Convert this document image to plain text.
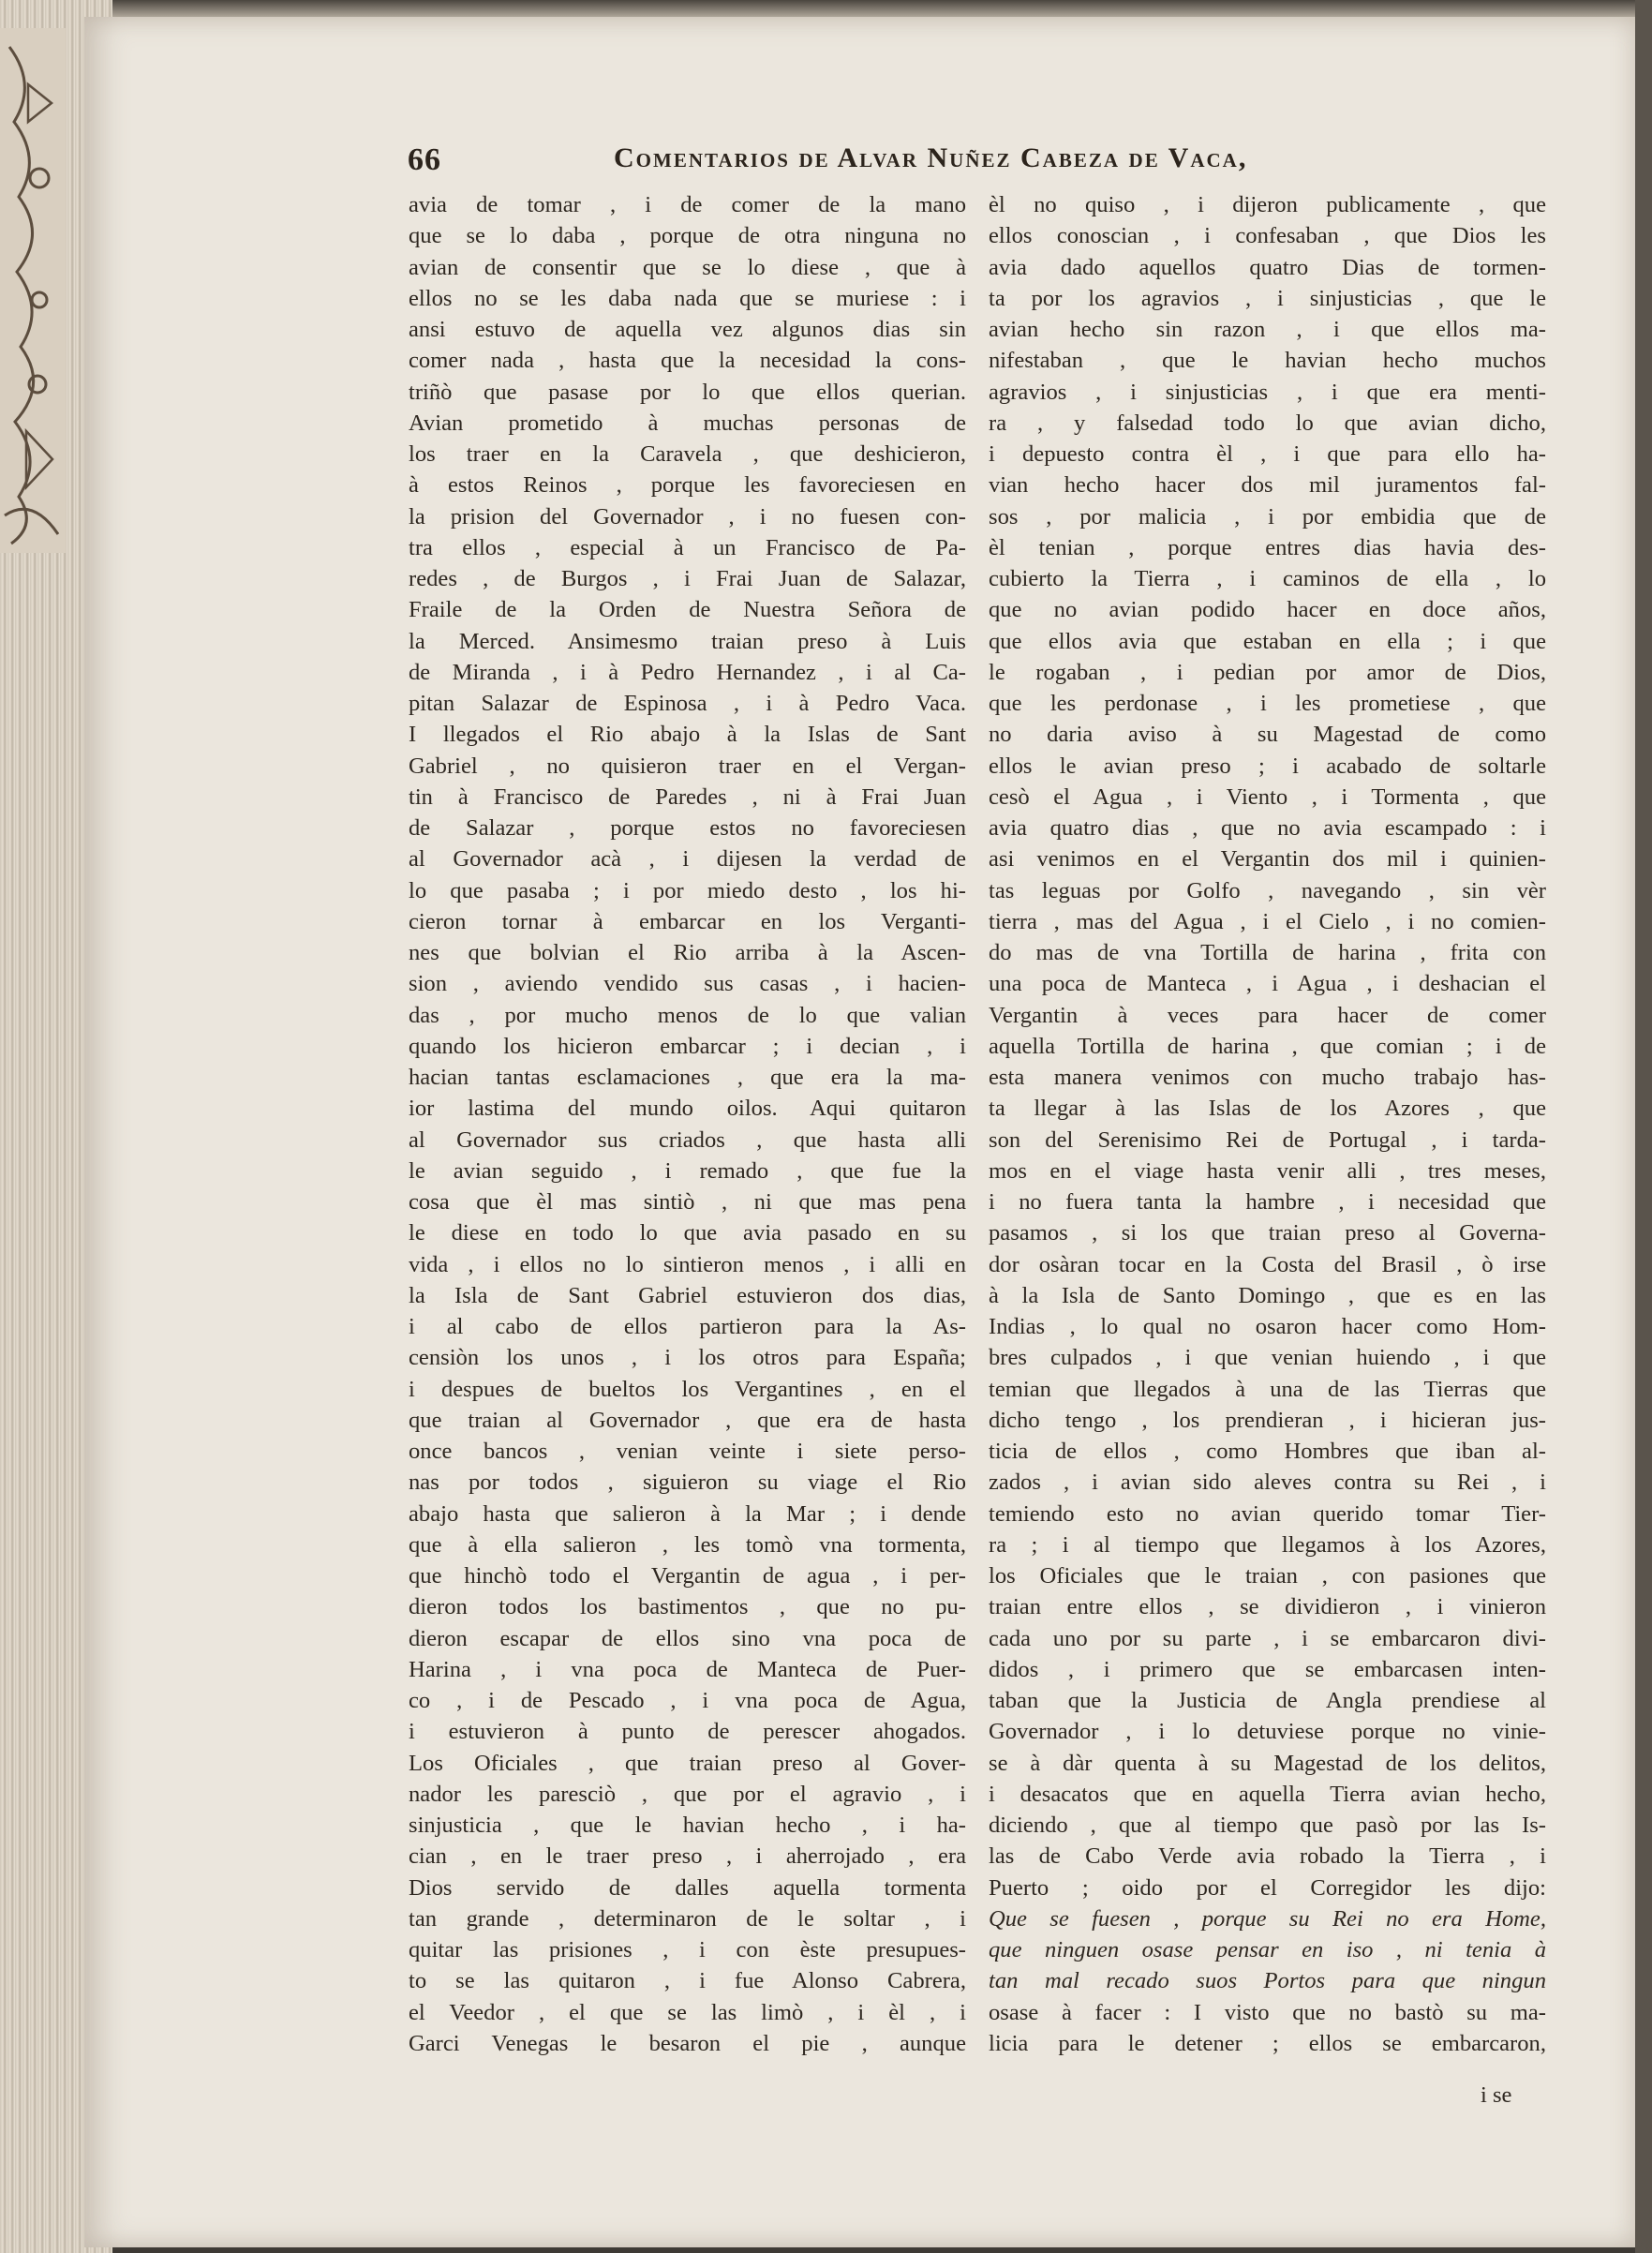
66	Comentarios de Alvar Nuñez Cabeza de Vaca,
avia de tomar , i de comer de la mano
que se lo daba , porque de otra ninguna no
avian de consentir que se lo diese , que à
ellos no se les daba nada que se muriese : i
ansi estuvo de aquella vez algunos dias sin
comer nada , hasta que la necesidad la cons-
triñò que pasase por lo que ellos querian.
Avian prometido à muchas personas de
los traer en la Caravela , que deshicieron,
à estos Reinos , porque les favoreciesen en
la prision del Governador , i no fuesen con-
tra ellos , especial à un Francisco de Pa-
redes , de Burgos , i Frai Juan de Salazar,
Fraile de la Orden de Nuestra Señora de
la Merced. Ansimesmo traian preso à Luis
de Miranda , i à Pedro Hernandez , i al Ca-
pitan Salazar de Espinosa , i à Pedro Vaca.
I llegados el Rio abajo à la Islas de Sant
Gabriel , no quisieron traer en el Vergan-
tin à Francisco de Paredes , ni à Frai Juan
de Salazar , porque estos no favoreciesen
al Governador acà , i dijesen la verdad de
lo que pasaba ; i por miedo desto , los hi-
cieron tornar à embarcar en los Verganti-
nes que bolvian el Rio arriba à la Ascen-
sion , aviendo vendido sus casas , i hacien-
das , por mucho menos de lo que valian
quando los hicieron embarcar ; i decian , i
hacian tantas esclamaciones , que era la ma-
ior lastima del mundo oilos. Aqui quitaron
al Governador sus criados , que hasta alli
le avian seguido , i remado , que fue la
cosa que èl mas sintiò , ni que mas pena
le diese en todo lo que avia pasado en su
vida , i ellos no lo sintieron menos , i alli en
la Isla de Sant Gabriel estuvieron dos dias,
i al cabo de ellos partieron para la As-
censiòn los unos , i los otros para España;
i despues de bueltos los Vergantines , en el
que traian al Governador , que era de hasta
once bancos , venian veinte i siete perso-
nas por todos , siguieron su viage el Rio
abajo hasta que salieron à la Mar ; i dende
que à ella salieron , les tomò vna tormenta,
que hinchò todo el Vergantin de agua , i per-
dieron todos los bastimentos , que no pu-
dieron escapar de ellos sino vna poca de
Harina , i vna poca de Manteca de Puer-
co , i de Pescado , i vna poca de Agua,
i estuvieron à punto de perescer ahogados.
Los Oficiales , que traian preso al Gover-
nador les paresciò , que por el agravio , i
sinjusticia , que le havian hecho , i ha-
cian , en le traer preso , i aherrojado , era
Dios servido de dalles aquella tormenta
tan grande , determinaron de le soltar , i
quitar las prisiones , i con èste presupues-
to se las quitaron , i fue Alonso Cabrera,
el Veedor , el que se las limò , i èl , i
Garci Venegas le besaron el pie , aunque
èl no quiso , i dijeron publicamente , que
ellos conoscian , i confesaban , que Dios les
avia dado aquellos quatro Dias de tormen-
ta por los agravios , i sinjusticias , que le
avian hecho sin razon , i que ellos ma-
nifestaban , que le havian hecho muchos
agravios , i sinjusticias , i que era menti-
ra , y falsedad todo lo que avian dicho,
i depuesto contra èl , i que para ello ha-
vian hecho hacer dos mil juramentos fal-
sos , por malicia , i por embidia que de
èl tenian , porque entres dias havia des-
cubierto la Tierra , i caminos de ella , lo
que no avian podido hacer en doce años,
que ellos avia que estaban en ella ; i que
le rogaban , i pedian por amor de Dios,
que les perdonase , i les prometiese , que
no daria aviso à su Magestad de como
ellos le avian preso ; i acabado de soltarle
cesò el Agua , i Viento , i Tormenta , que
avia quatro dias , que no avia escampado : i
asi venimos en el Vergantin dos mil i quinien-
tas leguas por Golfo , navegando , sin vèr
tierra , mas del Agua , i el Cielo , i no comien-
do mas de vna Tortilla de harina , frita con
una poca de Manteca , i Agua , i deshacian el
Vergantin à veces para hacer de comer
aquella Tortilla de harina , que comian ; i de
esta manera venimos con mucho trabajo has-
ta llegar à las Islas de los Azores , que
son del Serenisimo Rei de Portugal , i tarda-
mos en el viage hasta venir alli , tres meses,
i no fuera tanta la hambre , i necesidad que
pasamos , si los que traian preso al Governa-
dor osàran tocar en la Costa del Brasil , ò irse
à la Isla de Santo Domingo , que es en las
Indias , lo qual no osaron hacer como Hom-
bres culpados , i que venian huiendo , i que
temian que llegados à una de las Tierras que
dicho tengo , los prendieran , i hicieran jus-
ticia de ellos , como Hombres que iban al-
zados , i avian sido aleves contra su Rei , i
temiendo esto no avian querido tomar Tier-
ra ; i al tiempo que llegamos à los Azores,
los Oficiales que le traian , con pasiones que
traian entre ellos , se dividieron , i vinieron
cada uno por su parte , i se embarcaron divi-
didos , i primero que se embarcasen inten-
taban que la Justicia de Angla prendiese al
Governador , i lo detuviese porque no vinie-
se à dàr quenta à su Magestad de los delitos,
i desacatos que en aquella Tierra avian hecho,
diciendo , que al tiempo que pasò por las Is-
las de Cabo Verde avia robado la Tierra , i
Puerto ; oido por el Corregidor les dijo:
Que se fuesen , porque su Rei no era Home,
que ninguen osase pensar en iso , ni tenia à
tan mal recado suos Portos para que ningun
osase à facer : I visto que no bastò su ma-
licia para le detener ; ellos se embarcaron,
i se
